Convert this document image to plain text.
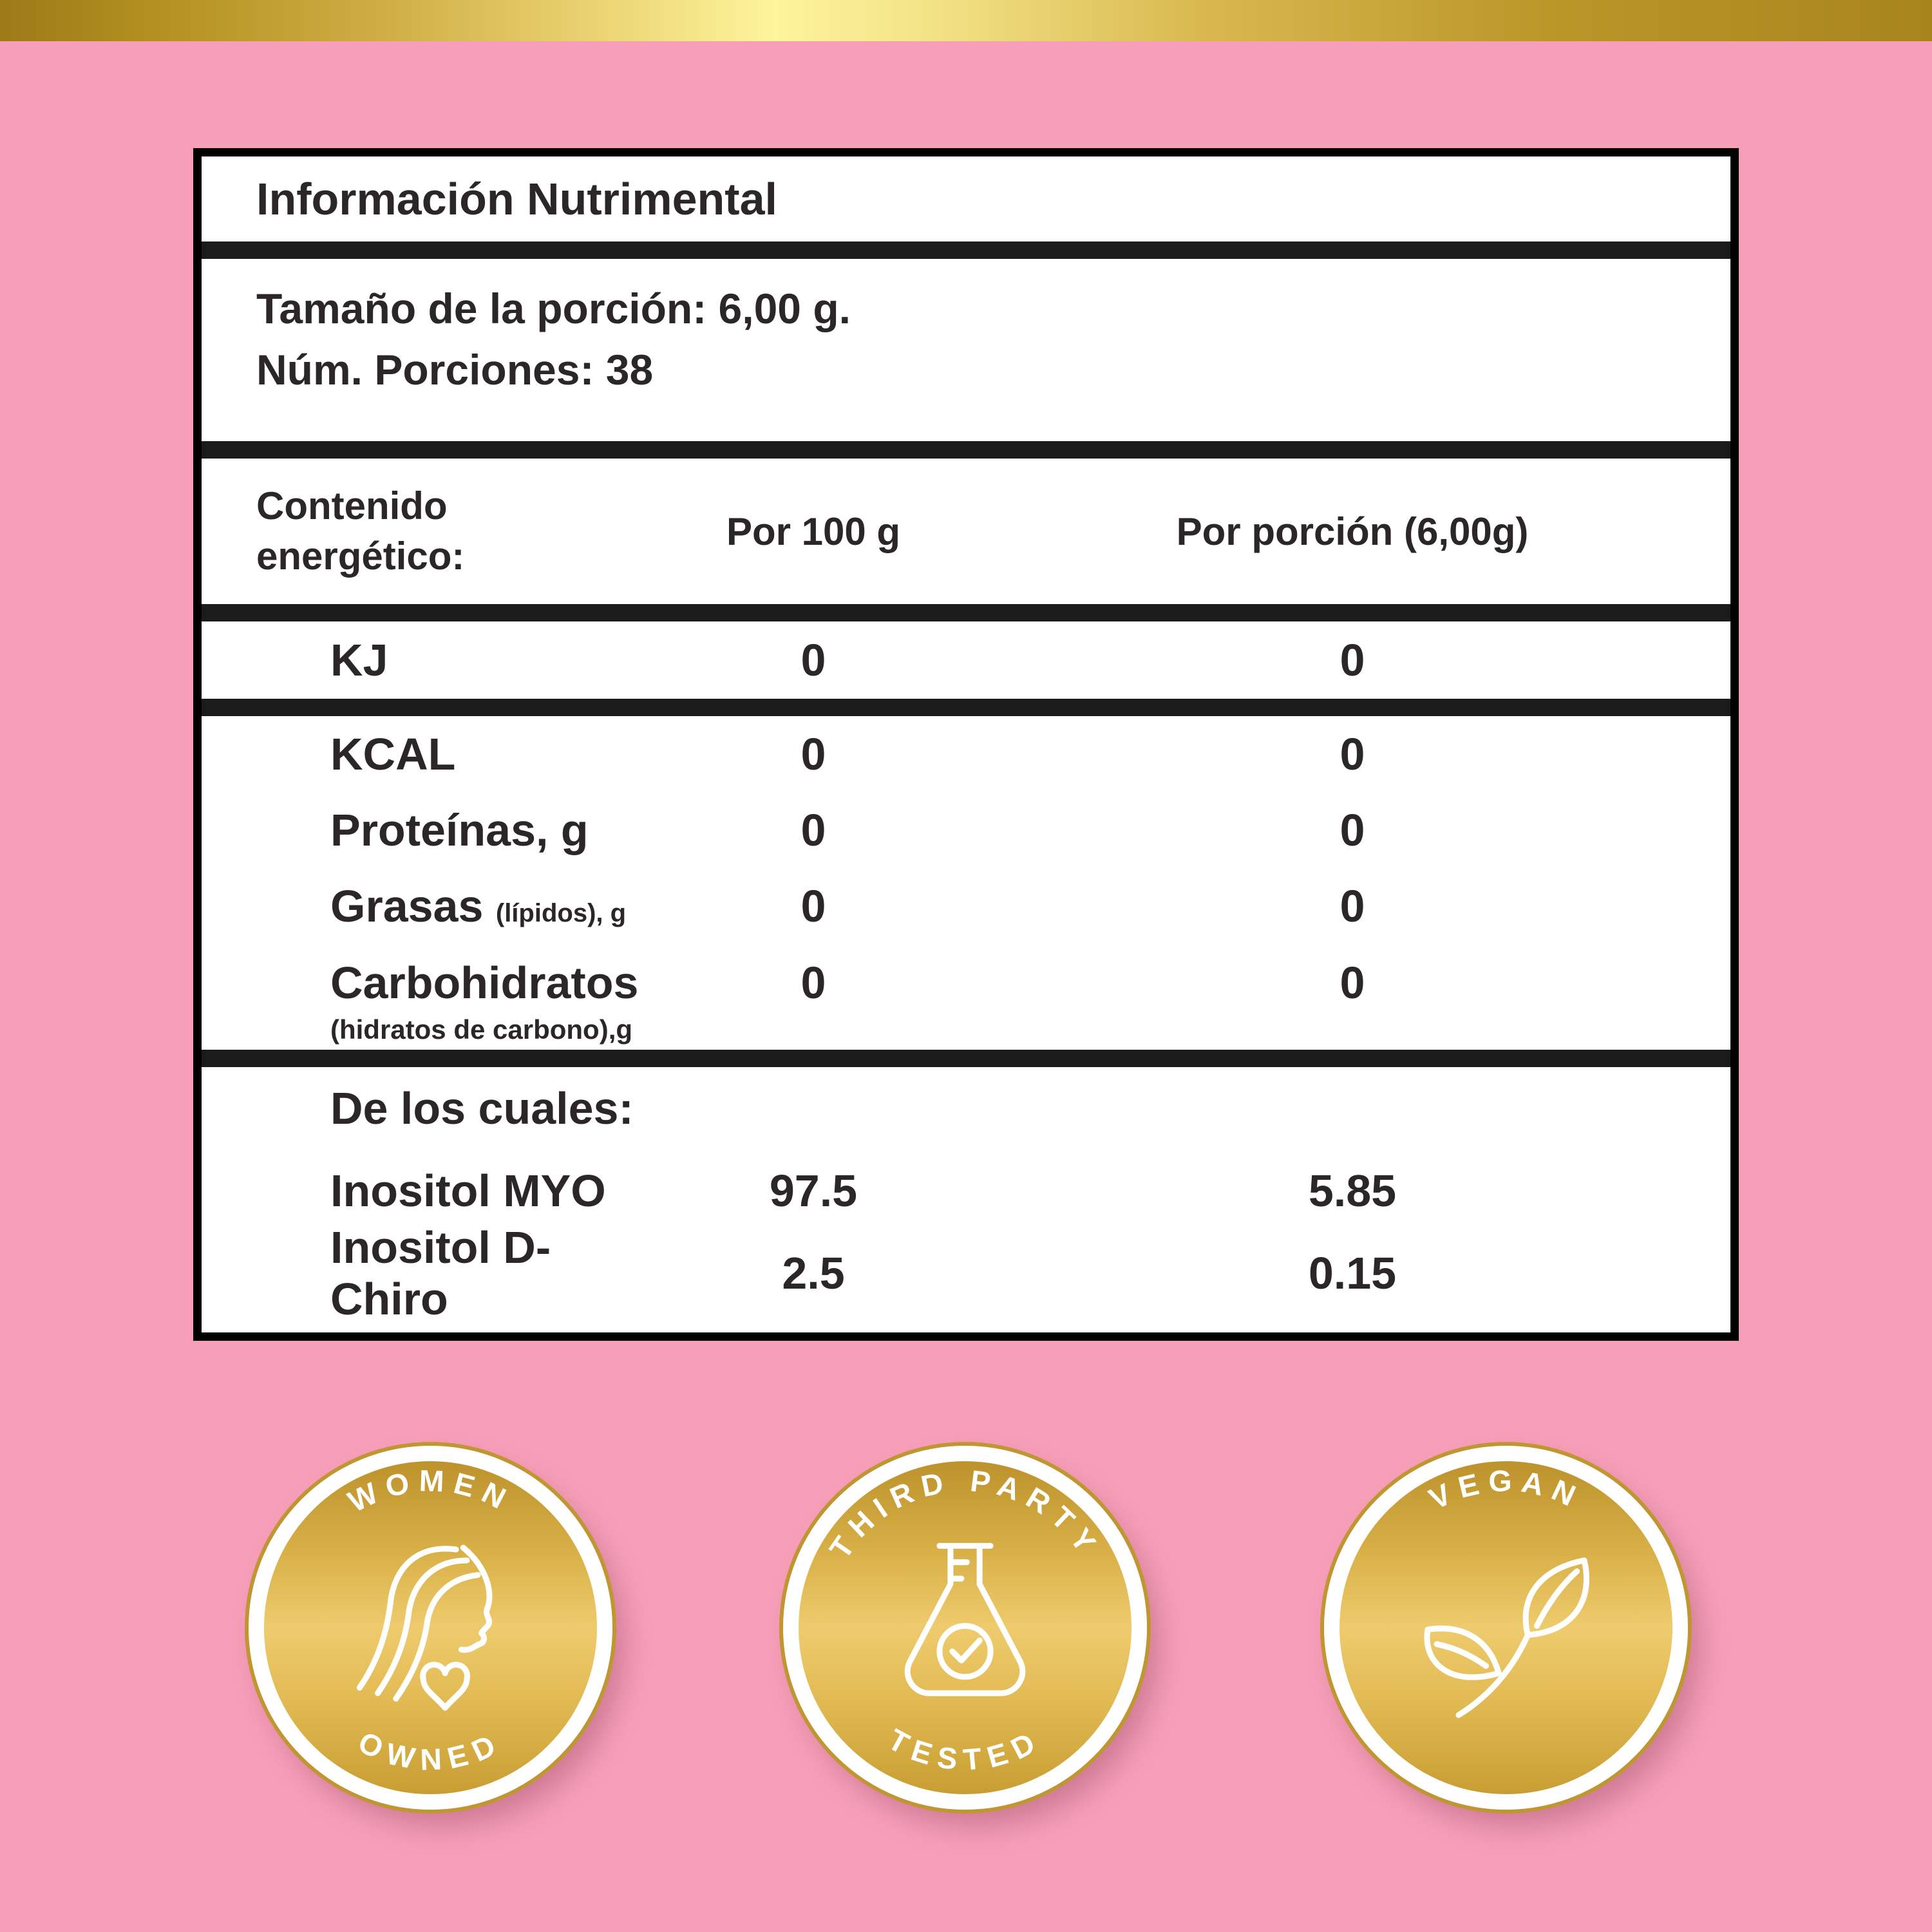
Información Nutrimental
Tamaño de la porción: 6,00 g.
Núm. Porciones: 38
Contenido energético:
Por 100 g	Por porción (6,00g)
KJ	0	0
KCAL	0	0
Proteínas, g	0	0
Grasas (lípidos), g	0	0
Carbohidratos
(hidratos de carbono),g
0	0
De los cuales:
Inositol MYO	97.5	5.85
Inositol D-Chiro
2.5	0.15
WOMEN
OWNED
THIRD PARTY
TESTED
VEGAN
